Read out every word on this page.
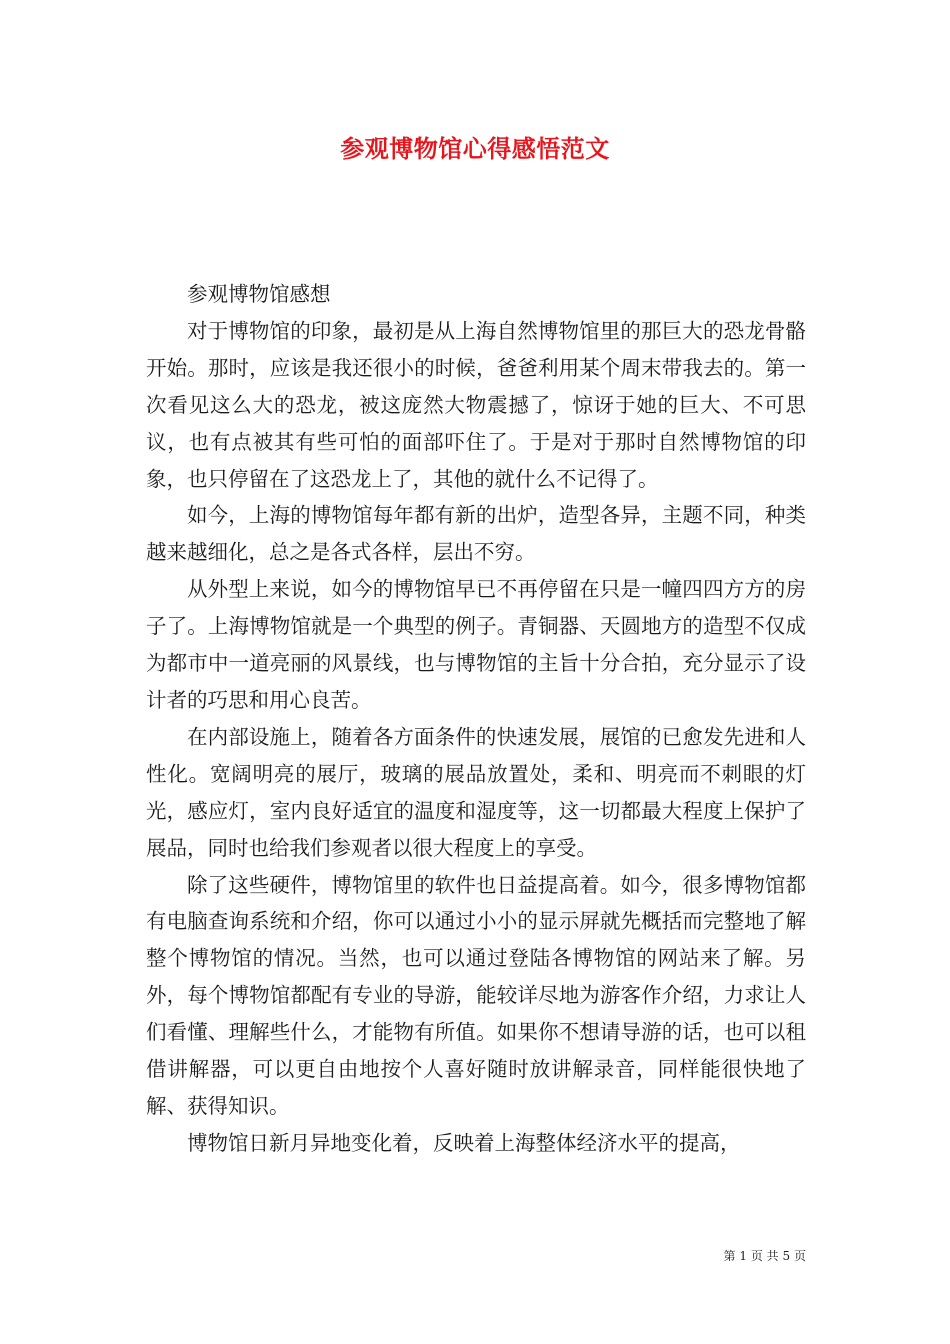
参观博物馆心得感悟范文

参观博物馆感想

对于博物馆的印象，最初是从上海自然博物馆里的那巨大的恐龙骨骼开始。那时，应该是我还很小的时候，爸爸利用某个周末带我去的。第一次看见这么大的恐龙，被这庞然大物震撼了，惊讶于她的巨大、不可思议，也有点被其有些可怕的面部吓住了。于是对于那时自然博物馆的印象，也只停留在了这恐龙上了，其他的就什么不记得了。

如今，上海的博物馆每年都有新的出炉，造型各异，主题不同，种类越来越细化，总之是各式各样，层出不穷。

从外型上来说，如今的博物馆早已不再停留在只是一幢四四方方的房子了。上海博物馆就是一个典型的例子。青铜器、天圆地方的造型不仅成为都市中一道亮丽的风景线，也与博物馆的主旨十分合拍，充分显示了设计者的巧思和用心良苦。

在内部设施上，随着各方面条件的快速发展，展馆的已愈发先进和人性化。宽阔明亮的展厅，玻璃的展品放置处，柔和、明亮而不刺眼的灯光，感应灯，室内良好适宜的温度和湿度等，这一切都最大程度上保护了展品，同时也给我们参观者以很大程度上的享受。

除了这些硬件，博物馆里的软件也日益提高着。如今，很多博物馆都有电脑查询系统和介绍，你可以通过小小的显示屏就先概括而完整地了解整个博物馆的情况。当然，也可以通过登陆各博物馆的网站来了解。另外，每个博物馆都配有专业的导游，能较详尽地为游客作介绍，力求让人们看懂、理解些什么，才能物有所值。如果你不想请导游的话，也可以租借讲解器，可以更自由地按个人喜好随时放讲解录音，同样能很快地了解、获得知识。

博物馆日新月异地变化着，反映着上海整体经济水平的提高，

第 1 页 共 5 页
